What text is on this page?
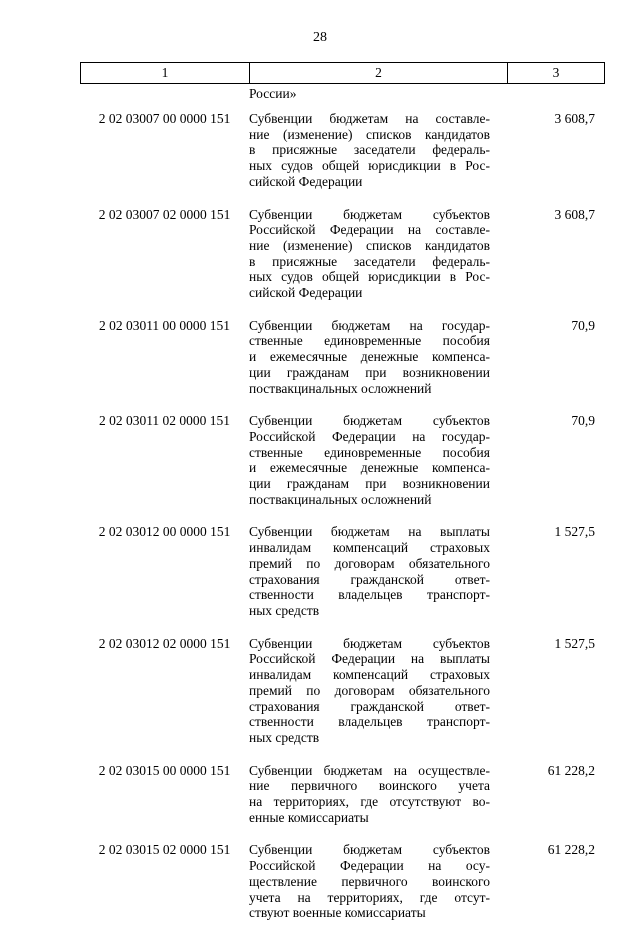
28
1	2	3
России»
2 02 03007 00 0000 151	Субвенции бюджетам на составле-
ние (изменение) списков кандидатов
в присяжные заседатели федераль-
ных судов общей юрисдикции в Рос-
сийской Федерации
3 608,7
2 02 03007 02 0000 151	Субвенции бюджетам субъектов
Российской Федерации на составле-
ние (изменение) списков кандидатов
в присяжные заседатели федераль-
ных судов общей юрисдикции в Рос-
сийской Федерации
3 608,7
2 02 03011 00 0000 151	Субвенции бюджетам на государ-
ственные единовременные пособия
и ежемесячные денежные компенса-
ции гражданам при возникновении
поствакцинальных осложнений
70,9
2 02 03011 02 0000 151	Субвенции бюджетам субъектов
Российской Федерации на государ-
ственные единовременные пособия
и ежемесячные денежные компенса-
ции гражданам при возникновении
поствакцинальных осложнений
70,9
2 02 03012 00 0000 151	Субвенции бюджетам на выплаты
инвалидам компенсаций страховых
премий по договорам обязательного
страхования гражданской ответ-
ственности владельцев транспорт-
ных средств
1 527,5
2 02 03012 02 0000 151	Субвенции бюджетам субъектов
Российской Федерации на выплаты
инвалидам компенсаций страховых
премий по договорам обязательного
страхования гражданской ответ-
ственности владельцев транспорт-
ных средств
1 527,5
2 02 03015 00 0000 151	Субвенции бюджетам на осуществле-
ние первичного воинского учета
на территориях, где отсутствуют во-
енные комиссариаты
61 228,2
2 02 03015 02 0000 151	Субвенции бюджетам субъектов
Российской Федерации на осу-
ществление первичного воинского
учета на территориях, где отсут-
ствуют военные комиссариаты
61 228,2
